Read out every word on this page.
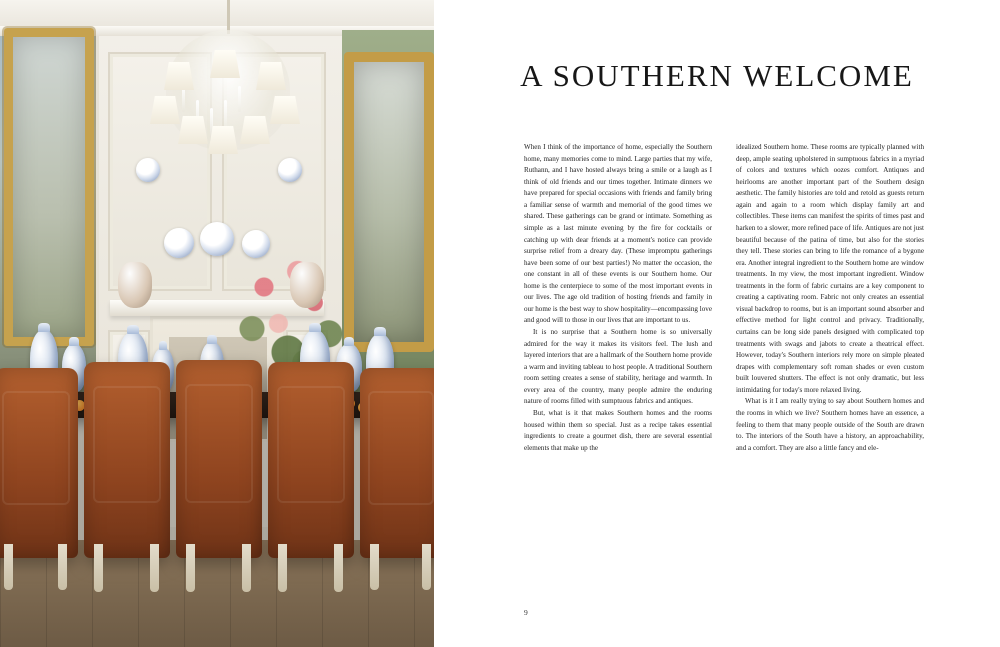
A SOUTHERN WELCOME

When I think of the importance of home, especially the Southern home, many memories come to mind. Large parties that my wife, Ruthann, and I have hosted always bring a smile or a laugh as I think of old friends and our times together. Intimate dinners we have prepared for special occasions with friends and family bring a familiar sense of warmth and memorial of the good times we shared. These gatherings can be grand or intimate. Something as simple as a last minute evening by the fire for cocktails or catching up with dear friends at a moment's notice can provide surprise relief from a dreary day. (These impromptu gatherings have been some of our best parties!) No matter the occasion, the one constant in all of these events is our Southern home. Our home is the centerpiece to some of the most important events in our lives. The age old tradition of hosting friends and family in our home is the best way to show hospitality—encompassing love and good will to those in our lives that are important to us.

It is no surprise that a Southern home is so universally admired for the way it makes its visitors feel. The lush and layered interiors that are a hallmark of the Southern home provide a warm and inviting tableau to host people. A traditional Southern room setting creates a sense of stability, heritage and warmth. In every area of the country, many people admire the enduring nature of rooms filled with sumptuous fabrics and antiques.

But, what is it that makes Southern homes and the rooms housed within them so special. Just as a recipe takes essential ingredients to create a gourmet dish, there are several essential elements that make up the

idealized Southern home. These rooms are typically planned with deep, ample seating upholstered in sumptuous fabrics in a myriad of colors and textures which oozes comfort. Antiques and heirlooms are another important part of the Southern design aesthetic. The family histories are told and retold as guests return again and again to a room which display family art and collectibles. These items can manifest the spirits of times past and harken to a slower, more refined pace of life. Antiques are not just beautiful because of the patina of time, but also for the stories they tell. These stories can bring to life the romance of a bygone era. Another integral ingredient to the Southern home are window treatments. In my view, the most important ingredient. Window treatments in the form of fabric curtains are a key component to creating a captivating room. Fabric not only creates an essential visual backdrop to rooms, but is an important sound absorber and effective method for light control and privacy. Traditionally, curtains can be long side panels designed with complicated top treatments with swags and jabots to create a theatrical effect. However, today's Southern interiors rely more on simple pleated drapes with complementary soft roman shades or even custom built louvered shutters. The effect is not only dramatic, but less intimidating for today's more relaxed living.

What is it I am really trying to say about Southern homes and the rooms in which we live? Southern homes have an essence, a feeling to them that many people outside of the South are drawn to. The interiors of the South have a history, an approachability, and a comfort. They are also a little fancy and ele-

9
